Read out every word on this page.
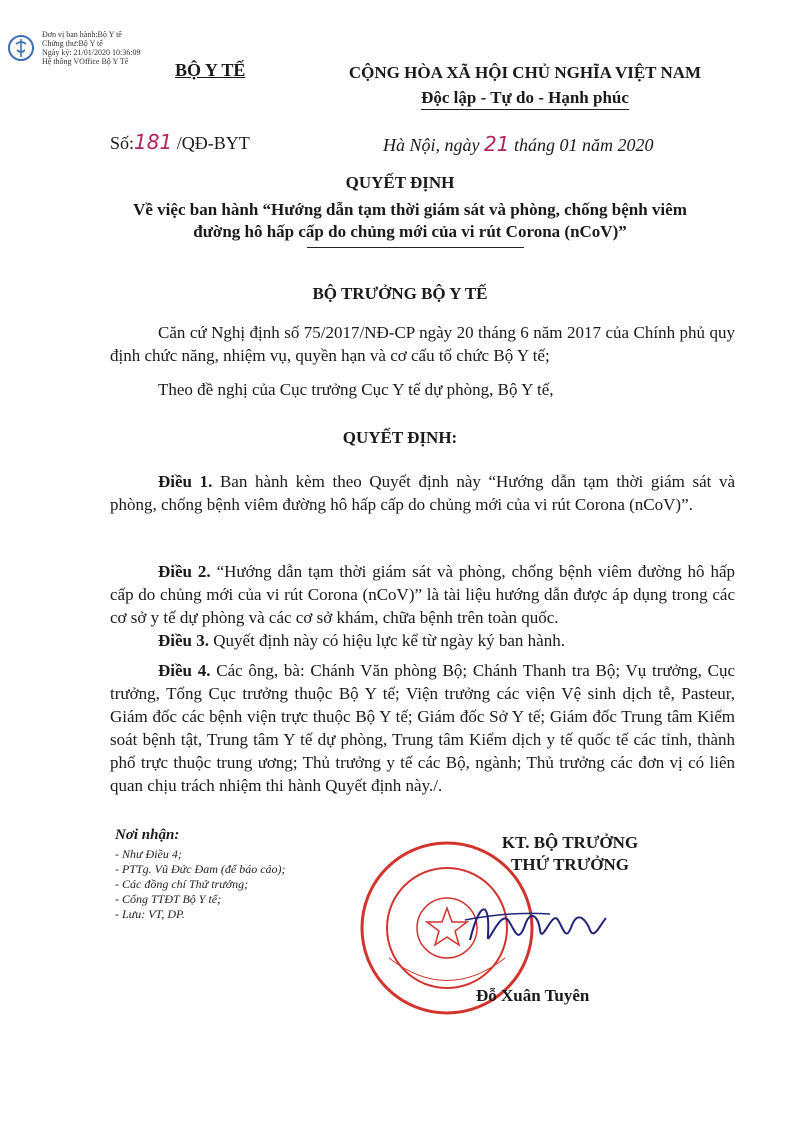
Đơn vị ban hành:Bộ Y tế
Chứng thư:Bộ Y tế
Ngày ký: 21/01/2020 10:36:09
Hệ thống VOffice Bộ Y Tế	BỘ Y TẾ	CỘNG HÒA XÃ HỘI CHỦ NGHĨA VIỆT NAM
Độc lập - Tự do - Hạnh phúc
Số:181 /QĐ-BYT	Hà Nội, ngày 21 tháng 01 năm 2020
QUYẾT ĐỊNH
Về việc ban hành “Hướng dẫn tạm thời giám sát và phòng, chống bệnh viêm
đường hô hấp cấp do chủng mới của vi rút Corona (nCoV)”
BỘ TRƯỞNG BỘ Y TẾ
Căn cứ Nghị định số 75/2017/NĐ-CP ngày 20 tháng 6 năm 2017 của Chính phủ quy định chức năng, nhiệm vụ, quyền hạn và cơ cấu tổ chức Bộ Y tế;
Theo đề nghị của Cục trưởng Cục Y tế dự phòng, Bộ Y tế,
QUYẾT ĐỊNH:
Điều 1. Ban hành kèm theo Quyết định này “Hướng dẫn tạm thời giám sát và phòng, chống bệnh viêm đường hô hấp cấp do chủng mới của vi rút Corona (nCoV)”.
Điều 2. “Hướng dẫn tạm thời giám sát và phòng, chống bệnh viêm đường hô hấp cấp do chủng mới của vi rút Corona (nCoV)” là tài liệu hướng dẫn được áp dụng trong các cơ sở y tế dự phòng và các cơ sở khám, chữa bệnh trên toàn quốc.
Điều 3. Quyết định này có hiệu lực kể từ ngày ký ban hành.
Điều 4. Các ông, bà: Chánh Văn phòng Bộ; Chánh Thanh tra Bộ; Vụ trưởng, Cục trưởng, Tổng Cục trưởng thuộc Bộ Y tế; Viện trưởng các viện Vệ sinh dịch tễ, Pasteur, Giám đốc các bệnh viện trực thuộc Bộ Y tế; Giám đốc Sở Y tế; Giám đốc Trung tâm Kiểm soát bệnh tật, Trung tâm Y tế dự phòng, Trung tâm Kiểm dịch y tế quốc tế các tỉnh, thành phố trực thuộc trung ương; Thủ trưởng y tế các Bộ, ngành; Thủ trưởng các đơn vị có liên quan chịu trách nhiệm thi hành Quyết định này./.
Nơi nhận:
- Như Điều 4;
- PTTg. Vũ Đức Đam (để báo cáo);
- Các đồng chí Thứ trưởng;
- Cổng TTĐT Bộ Y tế;
- Lưu: VT, DP.
KT. BỘ TRƯỞNG
THỨ TRƯỞNG
Đỗ Xuân Tuyên
